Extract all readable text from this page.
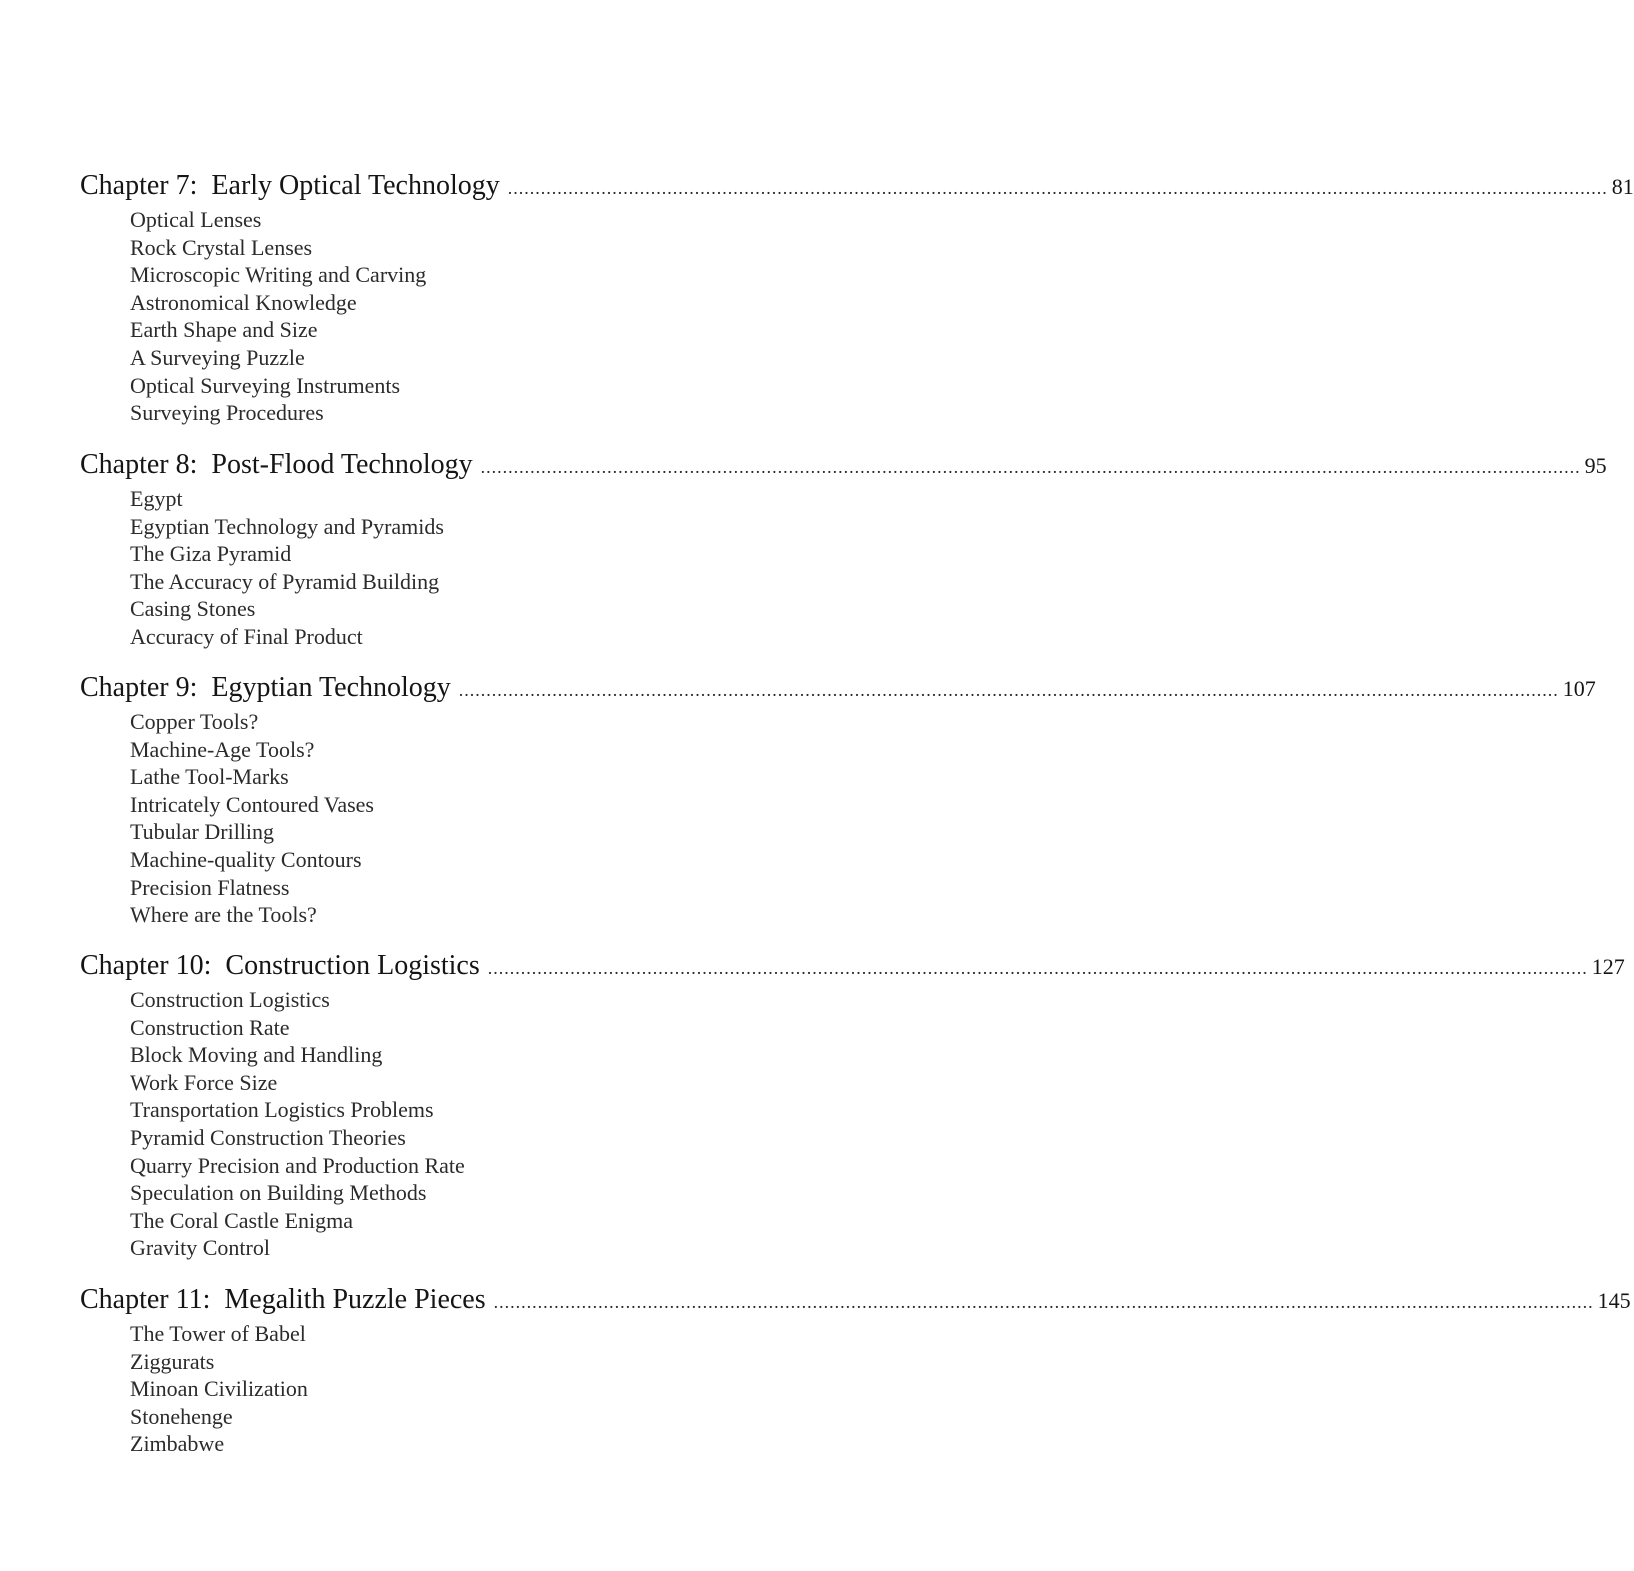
Chapter 7: Early Optical Technology ........................................................................................................................................................................................................ 81
Optical Lenses
Rock Crystal Lenses
Microscopic Writing and Carving
Astronomical Knowledge
Earth Shape and Size
A Surveying Puzzle
Optical Surveying Instruments
Surveying Procedures
Chapter 8: Post-Flood Technology ........................................................................................................................................................................................................ 95
Egypt
Egyptian Technology and Pyramids
The Giza Pyramid
The Accuracy of Pyramid Building
Casing Stones
Accuracy of Final Product
Chapter 9: Egyptian Technology ........................................................................................................................................................................................................ 107
Copper Tools?
Machine-Age Tools?
Lathe Tool-Marks
Intricately Contoured Vases
Tubular Drilling
Machine-quality Contours
Precision Flatness
Where are the Tools?
Chapter 10: Construction Logistics ........................................................................................................................................................................................................ 127
Construction Logistics
Construction Rate
Block Moving and Handling
Work Force Size
Transportation Logistics Problems
Pyramid Construction Theories
Quarry Precision and Production Rate
Speculation on Building Methods
The Coral Castle Enigma
Gravity Control
Chapter 11: Megalith Puzzle Pieces ........................................................................................................................................................................................................ 145
The Tower of Babel
Ziggurats
Minoan Civilization
Stonehenge
Zimbabwe
